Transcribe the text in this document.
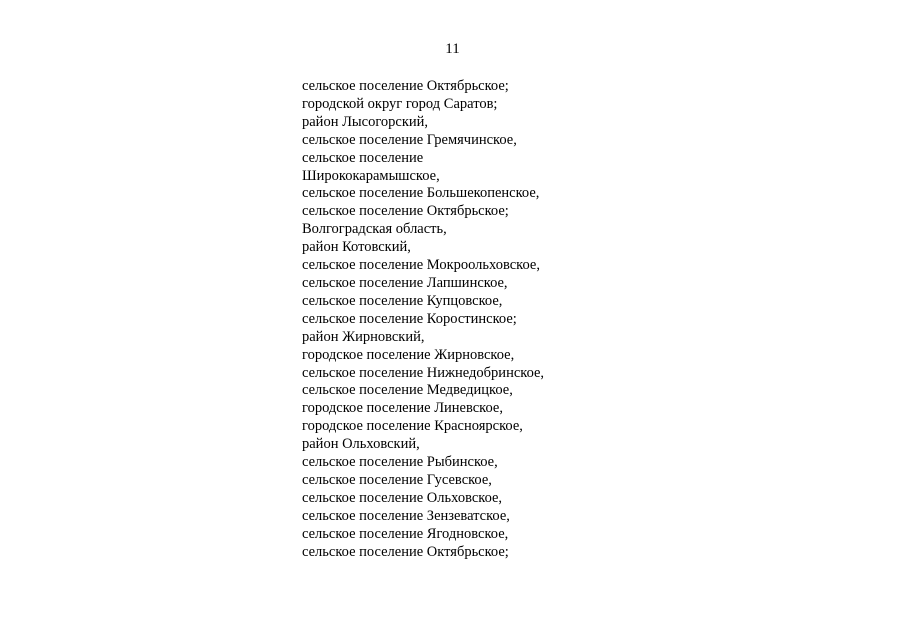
11
сельское поселение Октябрьское;
городской округ город Саратов;
район Лысогорский,
сельское поселение Гремячинское,
сельское поселение
Ширококарамышское,
сельское поселение Большекопенское,
сельское поселение Октябрьское;
Волгоградская область,
район Котовский,
сельское поселение Мокроольховское,
сельское поселение Лапшинское,
сельское поселение Купцовское,
сельское поселение Коростинское;
район Жирновский,
городское поселение Жирновское,
сельское поселение Нижнедобринское,
сельское поселение Медведицкое,
городское поселение Линевское,
городское поселение Красноярское,
район Ольховский,
сельское поселение Рыбинское,
сельское поселение Гусевское,
сельское поселение Ольховское,
сельское поселение Зензеватское,
сельское поселение Ягодновское,
сельское поселение Октябрьское;
